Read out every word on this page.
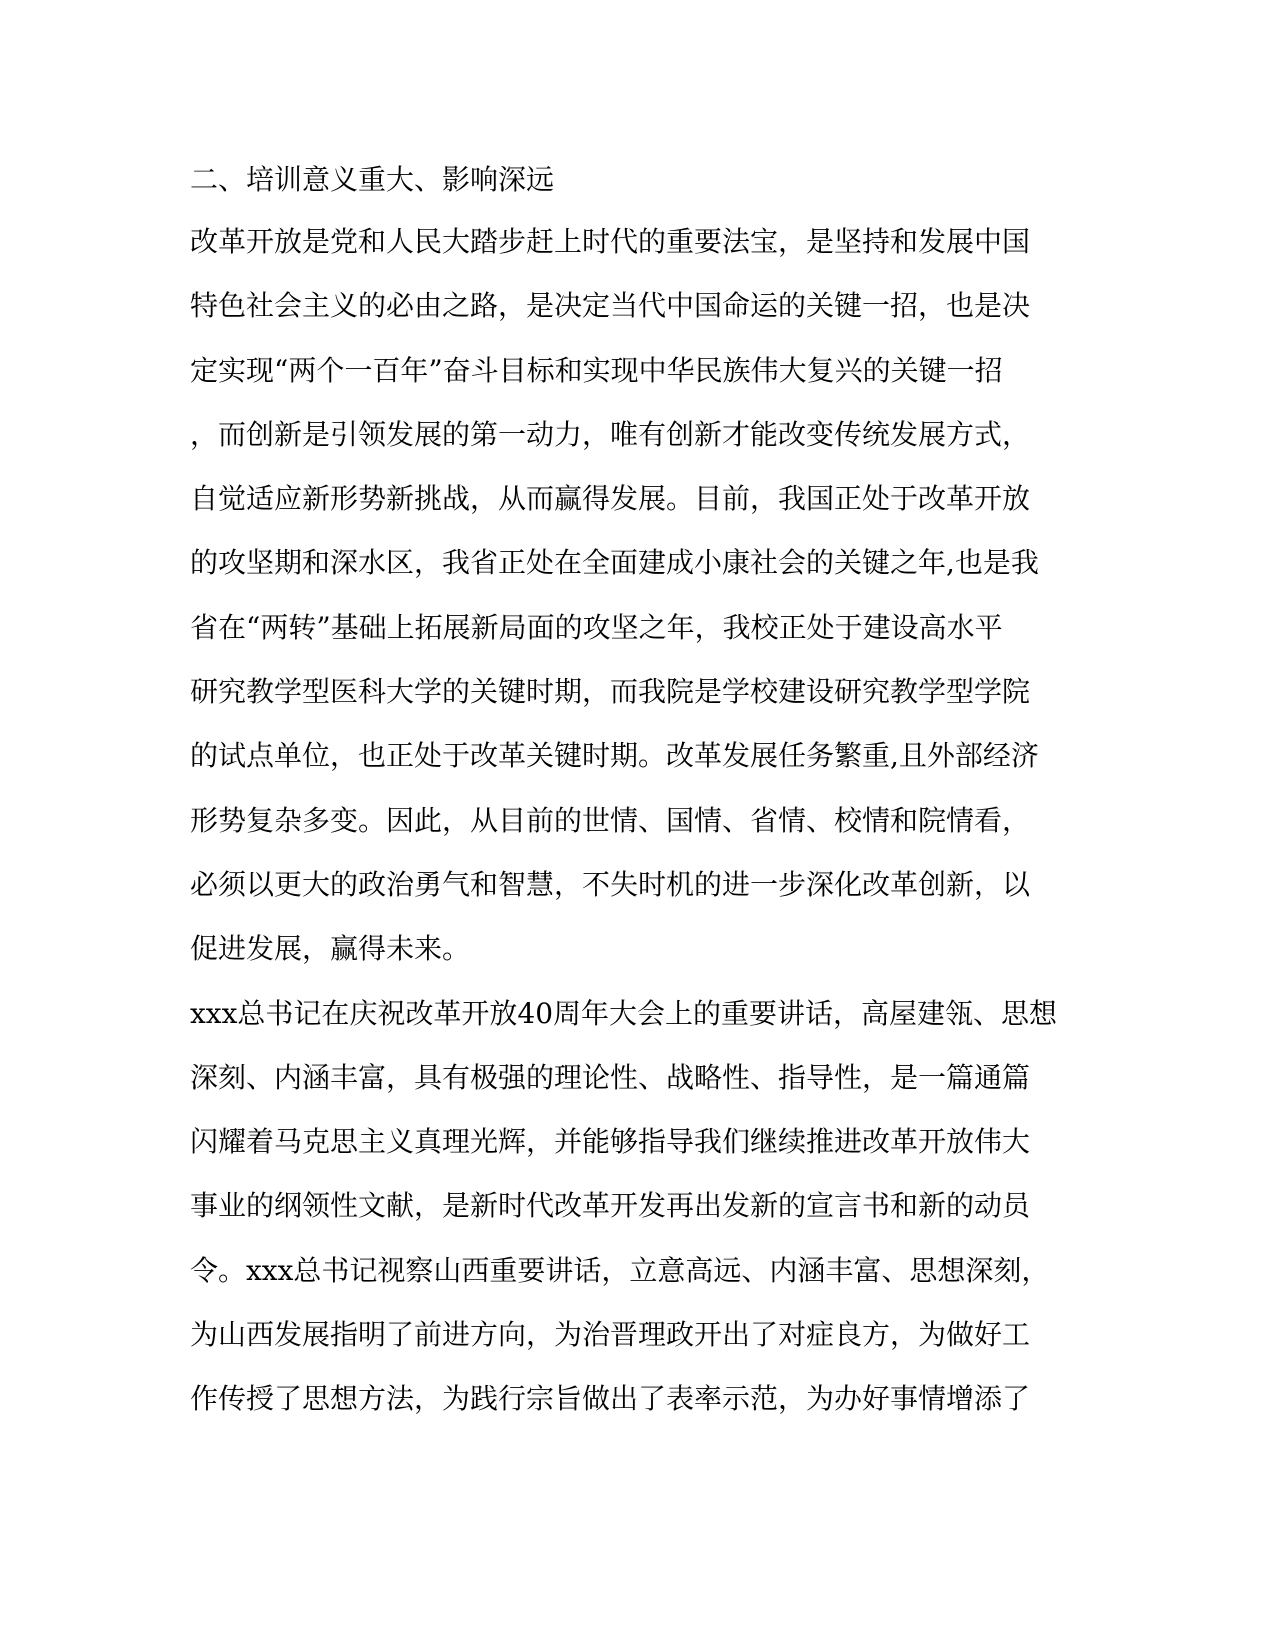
二、培训意义重大、影响深远
改革开放是党和人民大踏步赶上时代的重要法宝，是坚持和发展中国
特色社会主义的必由之路，是决定当代中国命运的关键一招，也是决
定实现“两个一百年”奋斗目标和实现中华民族伟大复兴的关键一招
，而创新是引领发展的第一动力，唯有创新才能改变传统发展方式，
自觉适应新形势新挑战，从而赢得发展。目前，我国正处于改革开放
的攻坚期和深水区，我省正处在全面建成小康社会的关键之年,也是我
省在“两转”基础上拓展新局面的攻坚之年，我校正处于建设高水平
研究教学型医科大学的关键时期，而我院是学校建设研究教学型学院
的试点单位，也正处于改革关键时期。改革发展任务繁重,且外部经济
形势复杂多变。因此，从目前的世情、国情、省情、校情和院情看，
必须以更大的政治勇气和智慧，不失时机的进一步深化改革创新，以
促进发展，赢得未来。
xxx总书记在庆祝改革开放40周年大会上的重要讲话，高屋建瓴、思想
深刻、内涵丰富，具有极强的理论性、战略性、指导性，是一篇通篇
闪耀着马克思主义真理光辉，并能够指导我们继续推进改革开放伟大
事业的纲领性文献，是新时代改革开发再出发新的宣言书和新的动员
令。xxx总书记视察山西重要讲话，立意高远、内涵丰富、思想深刻，
为山西发展指明了前进方向，为治晋理政开出了对症良方，为做好工
作传授了思想方法，为践行宗旨做出了表率示范，为办好事情增添了
